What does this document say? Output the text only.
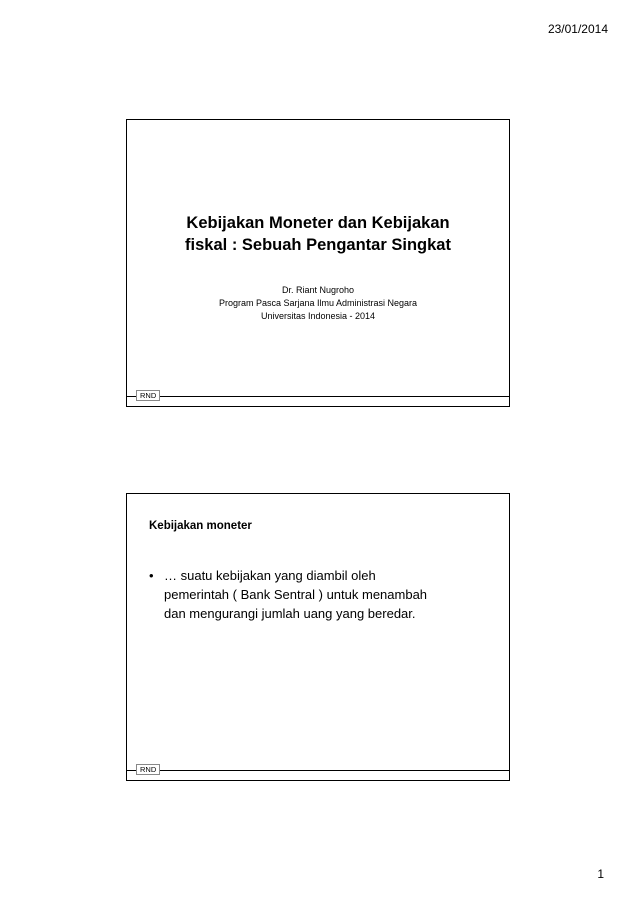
23/01/2014
Kebijakan Moneter dan Kebijakan
fiskal : Sebuah Pengantar Singkat
Dr. Riant Nugroho
Program Pasca Sarjana Ilmu Administrasi Negara
Universitas Indonesia - 2014
RND
Kebijakan moneter
• … suatu kebijakan yang diambil oleh
pemerintah ( Bank Sentral ) untuk menambah
dan mengurangi jumlah uang yang beredar.
RND
1
